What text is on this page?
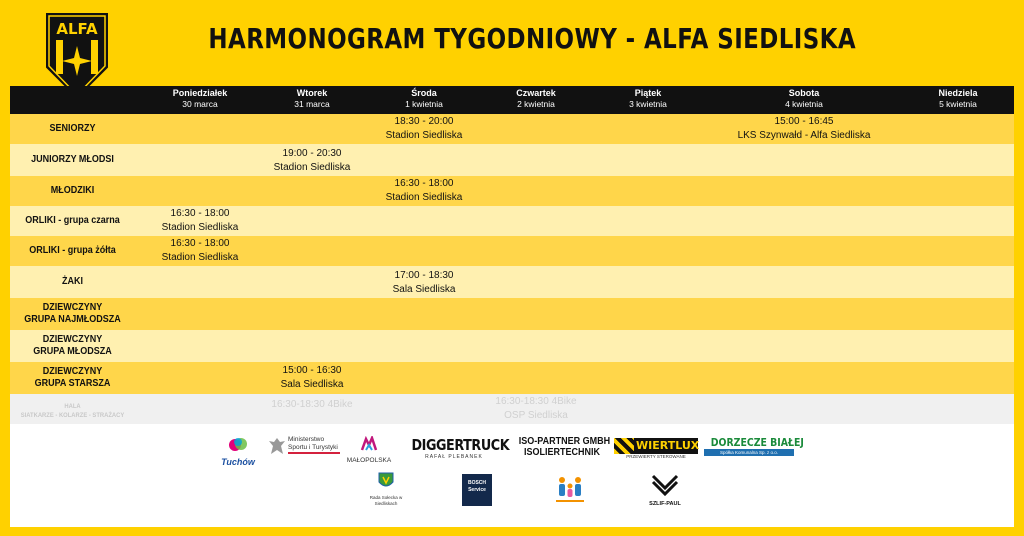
ALFA	HARMONOGRAM TYGODNIOWY - ALFA SIEDLISKA
Poniedziałek
30 marca
Wtorek
31 marca
Środa
1 kwietnia
Czwartek
2 kwietnia
Piątek
3 kwietnia
Sobota
4 kwietnia
Niedziela
5 kwietnia
SENIORZY
18:30 - 20:00
Stadion Siedliska
15:00 - 16:45
LKS Szynwałd - Alfa Siedliska
JUNIORZY MŁODSI
19:00 - 20:30
Stadion Siedliska
MŁODZIKI
16:30 - 18:00
Stadion Siedliska
ORLIKI - grupa czarna
16:30 - 18:00
Stadion Siedliska
ORLIKI - grupa żółta
16:30 - 18:00
Stadion Siedliska
ŻAKI
17:00 - 18:30
Sala Siedliska
DZIEWCZYNY
GRUPA NAJMŁODSZA
DZIEWCZYNY
GRUPA MŁODSZA
DZIEWCZYNY
GRUPA STARSZA
15:00 - 16:30
Sala Siedliska
HALA
SIATKARZE - KOLARZE - STRAŻACY
16:30-18:30 4Bike	16:30-18:30 4Bike
OSP Siedliska
Tuchów
Ministerstwo Sportu i Turystyki
MAŁOPOLSKA
DIGGERTRUCK
RAFAŁ PLEBANEK
ISO-PARTNER GMBH
ISOLIERTECHNIK
WIERTLUX
PRZEWIERTY STEROWANE
DORZECZE BIAŁEJ
Spółka Komunalna Sp. z o.o.
Rada Sołecka w Siedliskach
BOSCH Service
SZLIF-PAUL
